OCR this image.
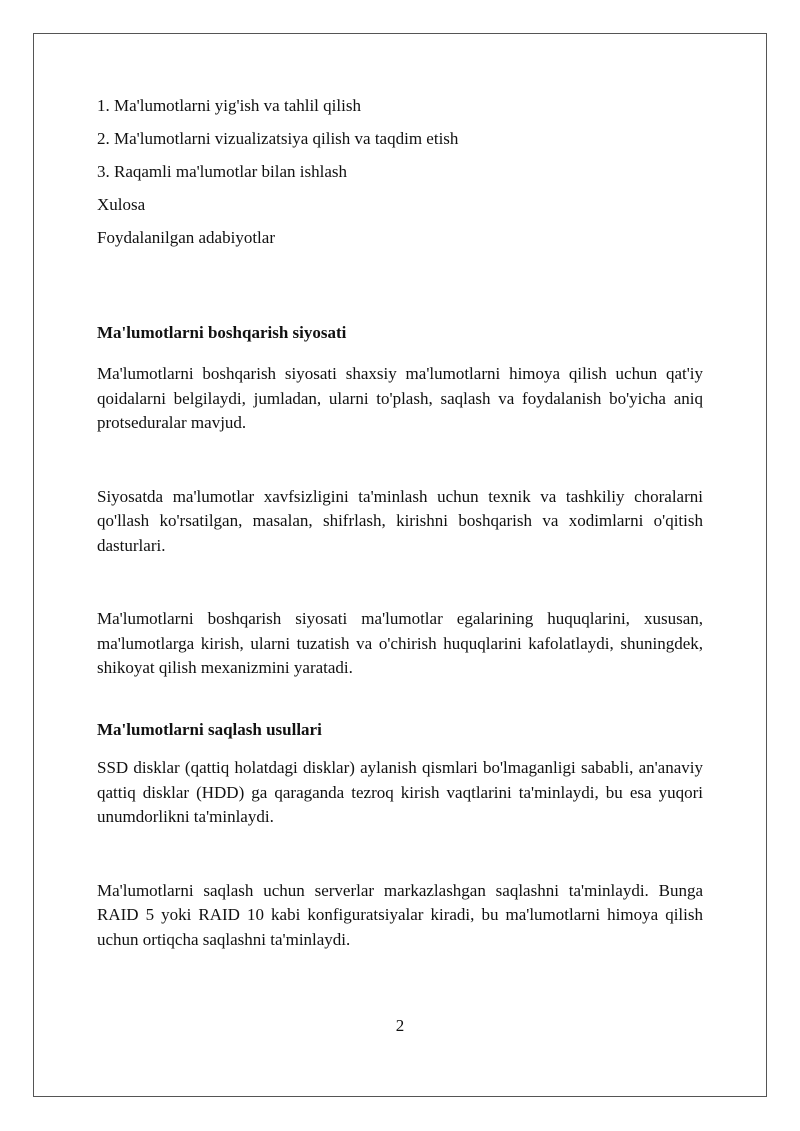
1. Ma'lumotlarni yig'ish va tahlil qilish

2. Ma'lumotlarni vizualizatsiya qilish va taqdim etish

3. Raqamli ma'lumotlar bilan ishlash

Xulosa

Foydalanilgan adabiyotlar

Ma'lumotlarni boshqarish siyosati

Ma'lumotlarni boshqarish siyosati shaxsiy ma'lumotlarni himoya qilish uchun qat'iy qoidalarni belgilaydi, jumladan, ularni to'plash, saqlash va foydalanish bo'yicha aniq protseduralar mavjud.

Siyosatda ma'lumotlar xavfsizligini ta'minlash uchun texnik va tashkiliy choralarni qo'llash ko'rsatilgan, masalan, shifrlash, kirishni boshqarish va xodimlarni o'qitish dasturlari.

Ma'lumotlarni boshqarish siyosati ma'lumotlar egalarining huquqlarini, xususan, ma'lumotlarga kirish, ularni tuzatish va o'chirish huquqlarini kafolatlaydi, shuningdek, shikoyat qilish mexanizmini yaratadi.

Ma'lumotlarni saqlash usullari

SSD disklar (qattiq holatdagi disklar) aylanish qismlari bo'lmaganligi sababli, an'anaviy qattiq disklar (HDD) ga qaraganda tezroq kirish vaqtlarini ta'minlaydi, bu esa yuqori unumdorlikni ta'minlaydi.

Ma'lumotlarni saqlash uchun serverlar markazlashgan saqlashni ta'minlaydi. Bunga RAID 5 yoki RAID 10 kabi konfiguratsiyalar kiradi, bu ma'lumotlarni himoya qilish uchun ortiqcha saqlashni ta'minlaydi.

2
